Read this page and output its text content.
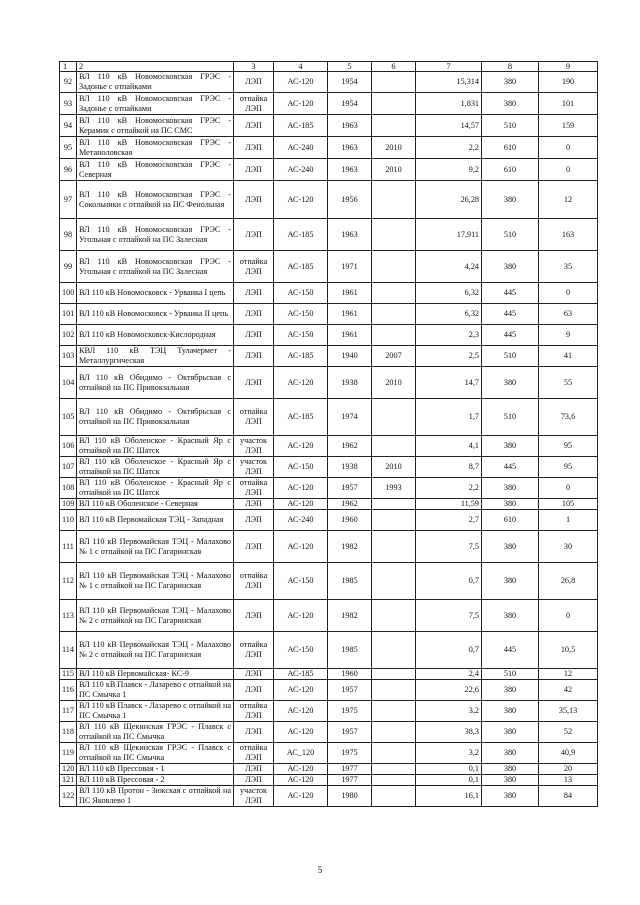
1	2	3	4	5	6	7	8	9
92	ВЛ 110 кВ Новомосковская ГРЭС - Задонье с отпайками	ЛЭП	АС-120	1954		15,314	380	190
93	ВЛ 110 кВ Новомосковская ГРЭС - Задонье с отпайками	отпайка ЛЭП	АС-120	1954		1,831	380	101
94	ВЛ 110 кВ Новомосковская ГРЭС - Керамик с отпайкой на ПС СМС	ЛЭП	АС-185	1963		14,57	510	159
95	ВЛ 110 кВ Новомосковская ГРЭС - Метаноловская	ЛЭП	АС-240	1963	2010	2,2	610	0
96	ВЛ 110 кВ Новомосковская ГРЭС - Северная	ЛЭП	АС-240	1963	2010	9,2	610	0
97	ВЛ 110 кВ Новомосковская ГРЭС - Сокольники с отпайкой на ПС Фенольная	ЛЭП	АС-120	1956		26,28	380	12
98	ВЛ 110 кВ Новомосковская ГРЭС - Угольная с отпайкой на ПС Залесная	ЛЭП	АС-185	1963		17,911	510	163
99	ВЛ 110 кВ Новомосковская ГРЭС - Угольная с отпайкой на ПС Залесная	отпайка ЛЭП	АС-185	1971		4,24	380	35
100	ВЛ 110 кВ Новомосковск - Урваика I цепь	ЛЭП	АС-150	1961		6,32	445	0
101	ВЛ 110 кВ Новомосковск - Урваика II цепь	ЛЭП	АС-150	1961		6,32	445	63
102	ВЛ 110 кВ Новомосковск-Кислородная	ЛЭП	АС-150	1961		2,3	445	9
103	КВЛ 110 кВ ТЭЦ Тулачермет - Металлургическая	ЛЭП	АС-185	1940	2007	2,5	510	41
104	ВЛ 110 кВ Обидимо - Октябрьская с отпайкой на ПС Привокзальная	ЛЭП	АС-120	1938	2010	14,7	380	55
105	ВЛ 110 кВ Обидимо - Октябрьская с отпайкой на ПС Привокзальная	отпайка ЛЭП	АС-185	1974		1,7	510	73,6
106	ВЛ 110 кВ Оболенское - Красный Яр с отпайкой на ПС Шатск	участок ЛЭП	АС-120	1962		4,1	380	95
107	ВЛ 110 кВ Оболенское - Красный Яр с отпайкой на ПС Шатск	участок ЛЭП	АС-150	1938	2010	8,7	445	95
108	ВЛ 110 кВ Оболенское - Красный Яр с отпайкой на ПС Шатск	отпайка ЛЭП	АС-120	1957	1993	2,2	380	0
109	ВЛ 110 кВ Оболенское - Северная	ЛЭП	АС-120	1962		11,59	380	105
110	ВЛ 110 кВ Первомайская ТЭЦ - Западная	ЛЭП	АС-240	1960		2,7	610	1
111	ВЛ 110 кВ Первомайская ТЭЦ - Малахово № 1 с отпайкой на ПС Гагаринская	ЛЭП	АС-120	1982		7,5	380	30
112	ВЛ 110 кВ Первомайская ТЭЦ - Малахово № 1 с отпайкой на ПС Гагаринская	отпайка ЛЭП	АС-150	1985		0,7	380	26,8
113	ВЛ 110 кВ Первомайская ТЭЦ - Малахово № 2 с отпайкой на ПС Гагаринская	ЛЭП	АС-120	1982		7,5	380	0
114	ВЛ 110 кВ Первомайская ТЭЦ - Малахово № 2 с отпайкой на ПС Гагаринская	отпайка ЛЭП	АС-150	1985		0,7	445	10,5
115	ВЛ 110 кВ Первомайская- КС-9	ЛЭП	АС-185	1960		2,4	510	12
116	ВЛ 110 кВ Плавск - Лазарево с отпайкой на ПС Смычка 1	ЛЭП	АС-120	1957		22,6	380	42
117	ВЛ 110 кВ Плавск - Лазарево с отпайкой на ПС Смычка 1	отпайка ЛЭП	АС-120	1975		3,2	380	35,13
118	ВЛ 110 кВ Щекинская ГРЭС - Плавск с отпайкой на ПС Смычка	ЛЭП	АС-120	1957		38,3	380	52
119	ВЛ 110 кВ Щекинская ГРЭС - Плавск с отпайкой на ПС Смычка	отпайка ЛЭП	АС_120	1975		3,2	380	40,9
120	ВЛ 110 кВ Прессовая - 1	ЛЭП	АС-120	1977		0,1	380	20
121	ВЛ 110 кВ Прессовая - 2	ЛЭП	АС-120	1977		0,1	380	13
122	ВЛ 110 кВ Протон - Зюкская с отпайкой на ПС Яковлево 1	участок ЛЭП	АС-120	1980		16,1	380	84
5
